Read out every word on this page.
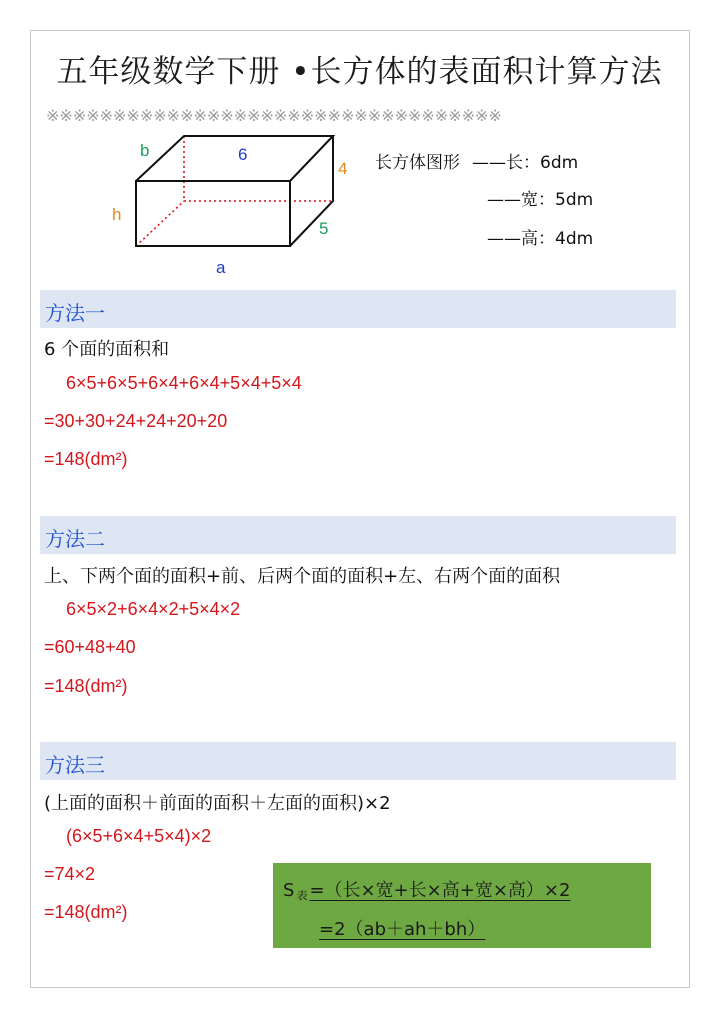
五年级数学下册 •长方体的表面积计算方法
※※※※※※※※※※※※※※※※※※※※※※※※※※※※※※※※※※
b	6
4
h
5
a
长方体图形 ——长：6dm
——宽：5dm
——高：4dm
方法一
6 个面的面积和
6×5+6×5+6×4+6×4+5×4+5×4
=30+30+24+24+20+20
=148(dm²)
方法二
上、下两个面的面积+前、后两个面的面积+左、右两个面的面积
6×5×2+6×4×2+5×4×2
=60+48+40
=148(dm²)
方法三
(上面的面积＋前面的面积＋左面的面积)×2
(6×5+6×4+5×4)×2
=74×2
=148(dm²)
S $_表$ =（长×宽+长×高+宽×高）×2
=2（ab＋ah＋bh）
